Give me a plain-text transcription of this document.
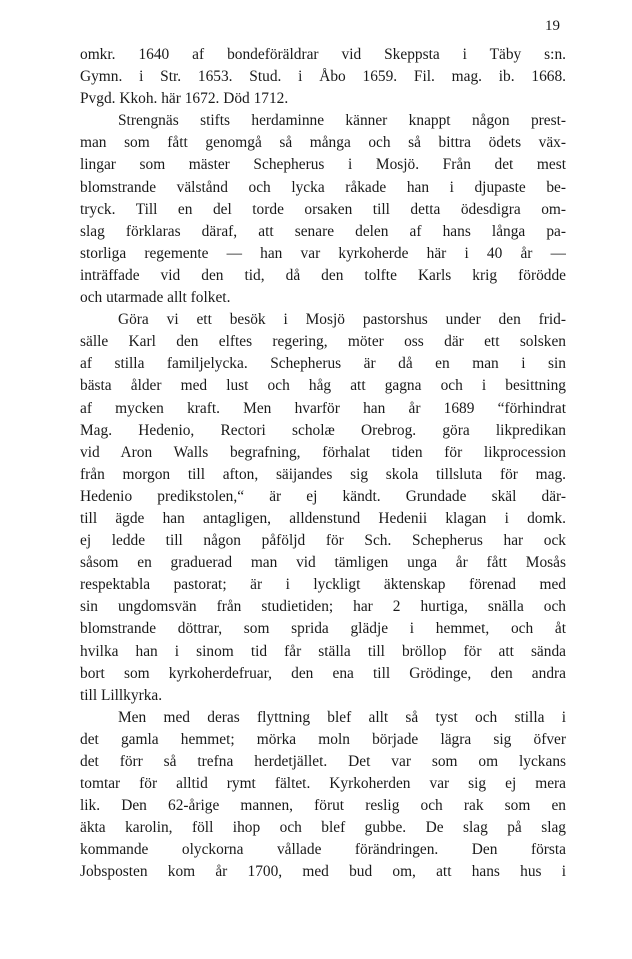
19
omkr. 1640 af bondeföräldrar vid Skeppsta i Täby s:n.
Gymn. i Str. 1653. Stud. i Åbo 1659. Fil. mag. ib. 1668.
Pvgd. Kkoh. här 1672. Död 1712.
Strengnäs stifts herdaminne känner knappt någon prest-
man som fått genomgå så många och så bittra ödets väx‑
lingar som mäster Schepherus i Mosjö. Från det mest
blomstrande välstånd och lycka råkade han i djupaste be-
tryck. Till en del torde orsaken till detta ödesdigra om-
slag förklaras däraf, att senare delen af hans långa pa-
storliga regemente — han var kyrkoherde här i 40 år —
inträffade vid den tid, då den tolfte Karls krig förödde
och utarmade allt folket.
Göra vi ett besök i Mosjö pastorshus under den frid-
sälle Karl den elftes regering, möter oss där ett solsken
af stilla familjelycka. Schepherus är då en man i sin
bästa ålder med lust och håg att gagna och i besittning
af mycken kraft. Men hvarför han år 1689 “förhindrat
Mag. Hedenio, Rectori scholæ Orebrog. göra likpredikan
vid Aron Walls begrafning, förhalat tiden för likprocession
från morgon till afton, säijandes sig skola tillsluta för mag.
Hedenio predikstolen,“ är ej kändt. Grundade skäl där-
till ägde han antagligen, alldenstund Hedenii klagan i domk.
ej ledde till någon påföljd för Sch. Schepherus har ock
såsom en graduerad man vid tämligen unga år fått Mosås
respektabla pastorat; är i lyckligt äktenskap förenad med
sin ungdomsvän från studietiden; har 2 hurtiga, snälla och
blomstrande döttrar, som sprida glädje i hemmet, och åt
hvilka han i sinom tid får ställa till bröllop för att sända
bort som kyrkoherdefruar, den ena till Grödinge, den andra
till Lillkyrka.
Men med deras flyttning blef allt så tyst och stilla i
det gamla hemmet; mörka moln började lägra sig öfver
det förr så trefna herdetjället. Det var som om lyckans
tomtar för alltid rymt fältet. Kyrkoherden var sig ej mera
lik. Den 62-årige mannen, förut reslig och rak som en
äkta karolin, föll ihop och blef gubbe. De slag på slag
kommande olyckorna vållade förändringen. Den första
Jobsposten kom år 1700, med bud om, att hans hus i
